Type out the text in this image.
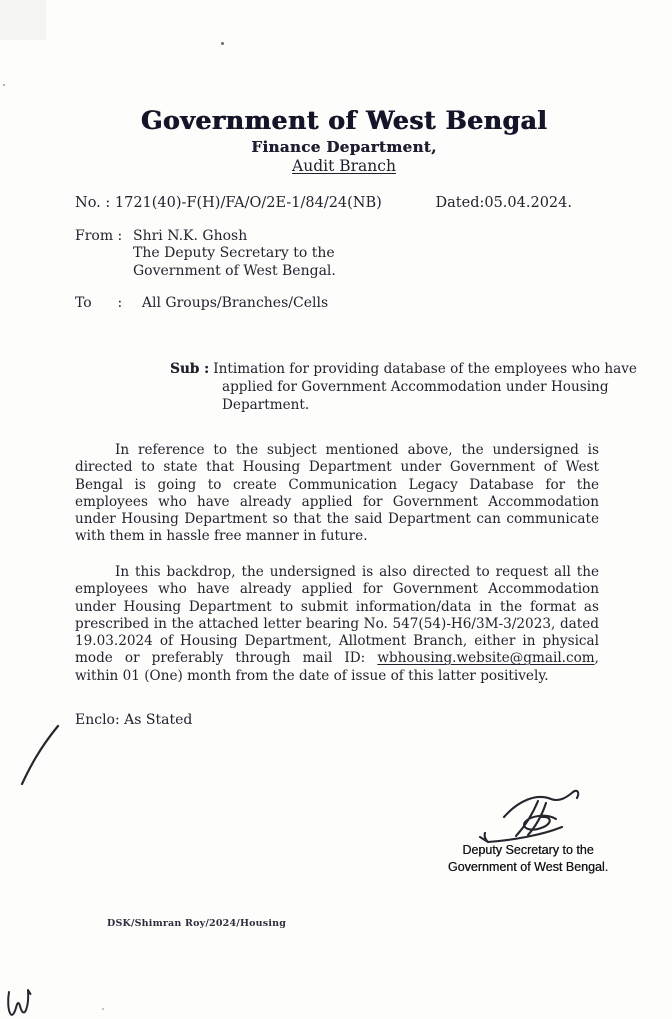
Government of West Bengal
Finance Department,
Audit Branch
No. : 1721(40)-F(H)/FA/O/2E-1/84/24(NB)	Dated:05.04.2024.
From : Shri N.K. Ghosh
The Deputy Secretary to the
Government of West Bengal.
To : All Groups/Branches/Cells
Sub : Intimation for providing database of the employees who have applied for Government Accommodation under Housing Department.

In reference to the subject mentioned above, the undersigned is directed to state that Housing Department under Government of West Bengal is going to create Communication Legacy Database for the employees who have already applied for Government Accommodation under Housing Department so that the said Department can communicate with them in hassle free manner in future.

In this backdrop, the undersigned is also directed to request all the employees who have already applied for Government Accommodation under Housing Department to submit information/data in the format as prescribed in the attached letter bearing No. 547(54)-H6/3M-3/2023, dated 19.03.2024 of Housing Department, Allotment Branch, either in physical mode or preferably through mail ID: wbhousing.website@gmail.com, within 01 (One) month from the date of issue of this latter positively.

Enclo: As Stated
Deputy Secretary to the
Government of West Bengal.
DSK/Shimran Roy/2024/Housing
